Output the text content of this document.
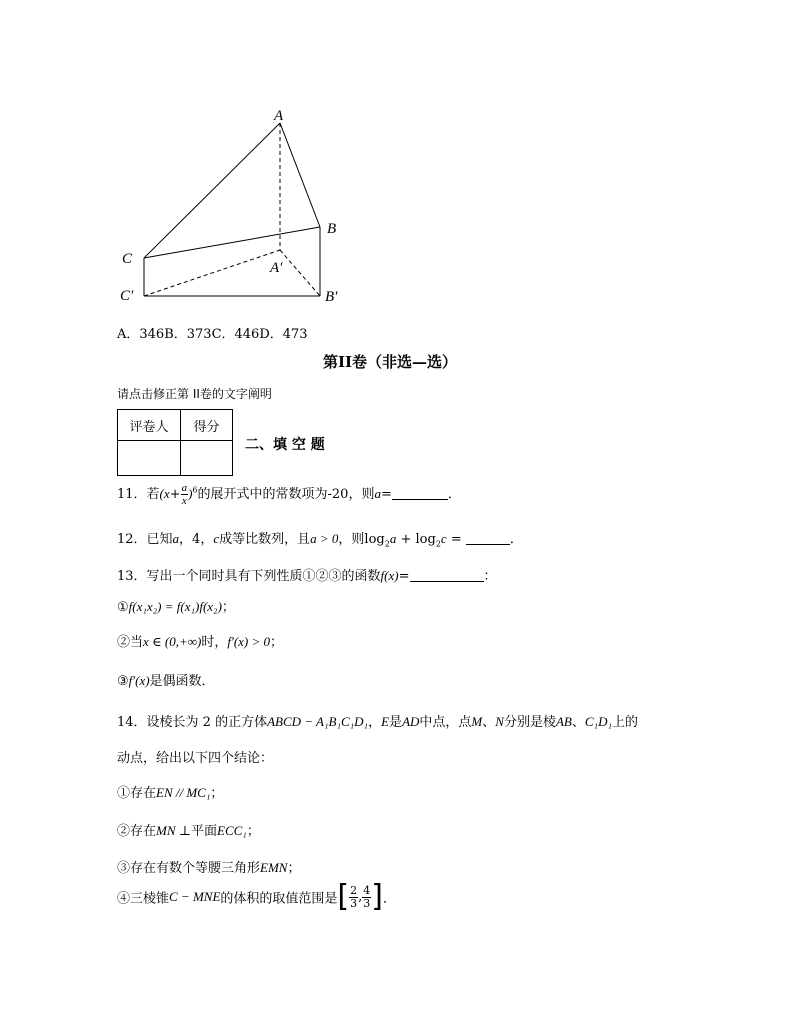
A
B
C
A′
C′	B′
A．346B．373C．446D．473
第II卷（非选—选）
请点击修正第 II卷的文字阐明
评卷人	得分

二、填 空 题
11．若$(x+ \frac{a}{x} )^6$的展开式中的常数项为-20，则a=	．
12．已知a，4，c成等比数列，且a > 0，则$\log_2a + \log_2c$ =	．
13．写出一个同时具有下列性质①②③的函数f(x)=	：
①f(x₁x₂) = f(x₁)f(x₂)；
②当x ∈ (0,+∞)时，f′(x) > 0；
③f′(x)是偶函数．
14．设棱长为 2 的正方体ABCD − A₁B₁C₁D₁，E是AD中点，点M、N分别是棱AB、C₁D₁上的
动点，给出以下四个结论：
①存在EN // MC₁；
②存在MN ⊥平面ECC₁；
③存在有数个等腰三角形EMN；
④三棱锥C − MNE的体积的取值范围是[ $\frac{2}{3}$ , $\frac{4}{3}$ ]．
